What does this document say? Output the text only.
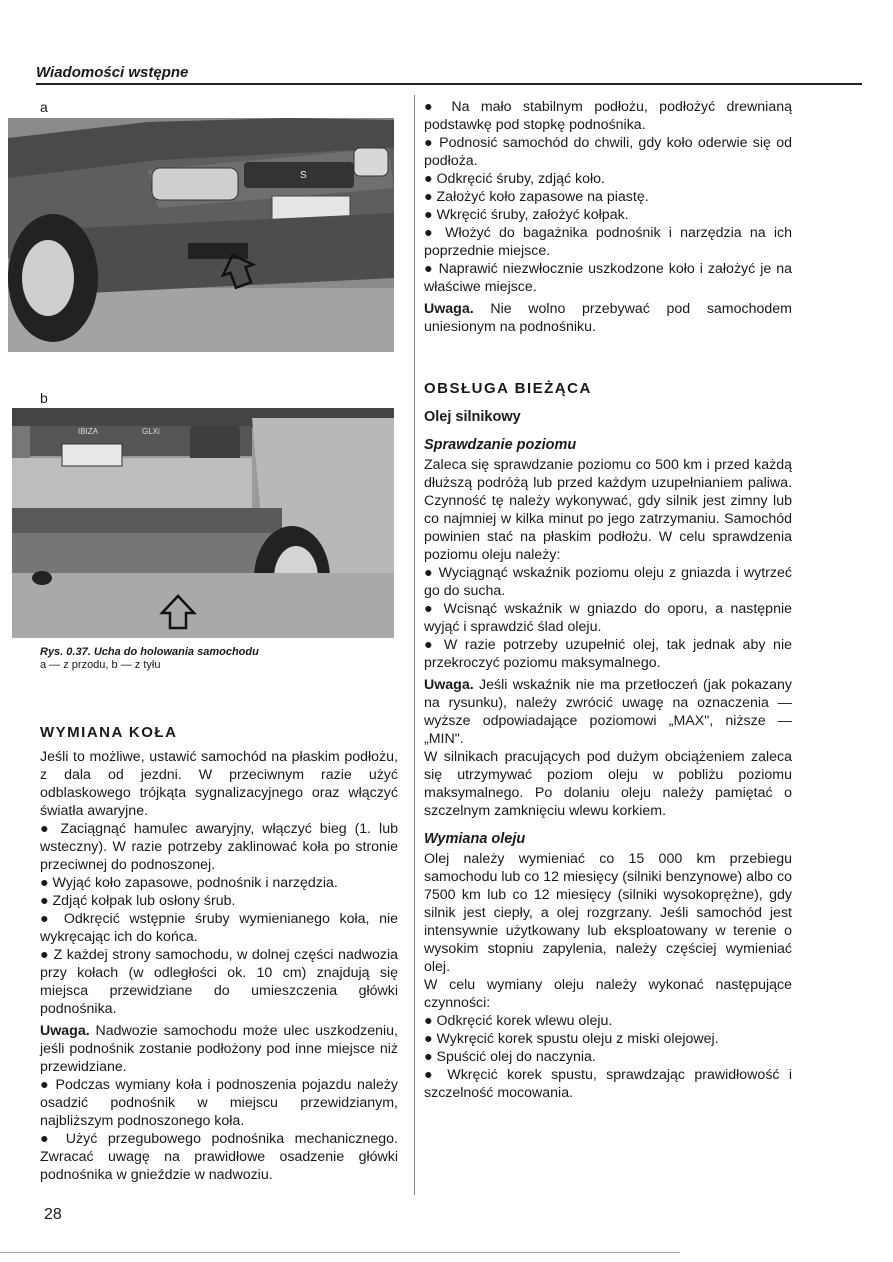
Wiadomości wstępne
a
S
b
IBIZA	GLXi
Rys. 0.37. Ucha do holowania samochodu
a — z przodu, b — z tyłu
WYMIANA KOŁA

Jeśli to możliwe, ustawić samochód na płaskim podłożu, z dala od jezdni. W przeciwnym razie użyć odblaskowego trójkąta sygnalizacyjnego oraz włączyć światła awaryjne.

● Zaciągnąć hamulec awaryjny, włączyć bieg (1. lub wsteczny). W razie potrzeby zaklinować koła po stronie przeciwnej do podnoszonej.

● Wyjąć koło zapasowe, podnośnik i narzędzia.

● Zdjąć kołpak lub osłony śrub.

● Odkręcić wstępnie śruby wymienianego koła, nie wykręcając ich do końca.

● Z każdej strony samochodu, w dolnej części nadwozia przy kołach (w odległości ok. 10 cm) znajdują się miejsca przewidziane do umieszczenia główki podnośnika.

Uwaga. Nadwozie samochodu może ulec uszkodzeniu, jeśli podnośnik zostanie podłożony pod inne miejsce niż przewidziane.

● Podczas wymiany koła i podnoszenia pojazdu należy osadzić podnośnik w miejscu przewidzianym, najbliższym podnoszonego koła.

● Użyć przegubowego podnośnika mechanicznego. Zwracać uwagę na prawidłowe osadzenie główki podnośnika w gnieździe w nadwoziu.

● Na mało stabilnym podłożu, podłożyć drewnianą podstawkę pod stopkę podnośnika.

● Podnosić samochód do chwili, gdy koło oderwie się od podłoża.

● Odkręcić śruby, zdjąć koło.

● Założyć koło zapasowe na piastę.

● Wkręcić śruby, założyć kołpak.

● Włożyć do bagażnika podnośnik i narzędzia na ich poprzednie miejsce.

● Naprawić niezwłocznie uszkodzone koło i założyć je na właściwe miejsce.

Uwaga. Nie wolno przebywać pod samochodem uniesionym na podnośniku.

OBSŁUGA BIEŻĄCA
Olej silnikowy
Sprawdzanie poziomu

Zaleca się sprawdzanie poziomu co 500 km i przed każdą dłuższą podróżą lub przed każdym uzupełnianiem paliwa. Czynność tę należy wykonywać, gdy silnik jest zimny lub co najmniej w kilka minut po jego zatrzymaniu. Samochód powinien stać na płaskim podłożu. W celu sprawdzenia poziomu oleju należy:

● Wyciągnąć wskaźnik poziomu oleju z gniazda i wytrzeć go do sucha.

● Wcisnąć wskaźnik w gniazdo do oporu, a następnie wyjąć i sprawdzić ślad oleju.

● W razie potrzeby uzupełnić olej, tak jednak aby nie przekroczyć poziomu maksymalnego.

Uwaga. Jeśli wskaźnik nie ma przetłoczeń (jak pokazany na rysunku), należy zwrócić uwagę na oznaczenia — wyższe odpowiadające poziomowi „MAX", niższe — „MIN".

W silnikach pracujących pod dużym obciążeniem zaleca się utrzymywać poziom oleju w pobliżu poziomu maksymalnego. Po dolaniu oleju należy pamiętać o szczelnym zamknięciu wlewu korkiem.

Wymiana oleju

Olej należy wymieniać co 15 000 km przebiegu samochodu lub co 12 miesięcy (silniki benzynowe) albo co 7500 km lub co 12 miesięcy (silniki wysokoprężne), gdy silnik jest ciepły, a olej rozgrzany. Jeśli samochód jest intensywnie użytkowany lub eksploatowany w terenie o wysokim stopniu zapylenia, należy częściej wymieniać olej.

W celu wymiany oleju należy wykonać następujące czynności:

● Odkręcić korek wlewu oleju.

● Wykręcić korek spustu oleju z miski olejowej.

● Spuścić olej do naczynia.

● Wkręcić korek spustu, sprawdzając prawidłowość i szczelność mocowania.

28
